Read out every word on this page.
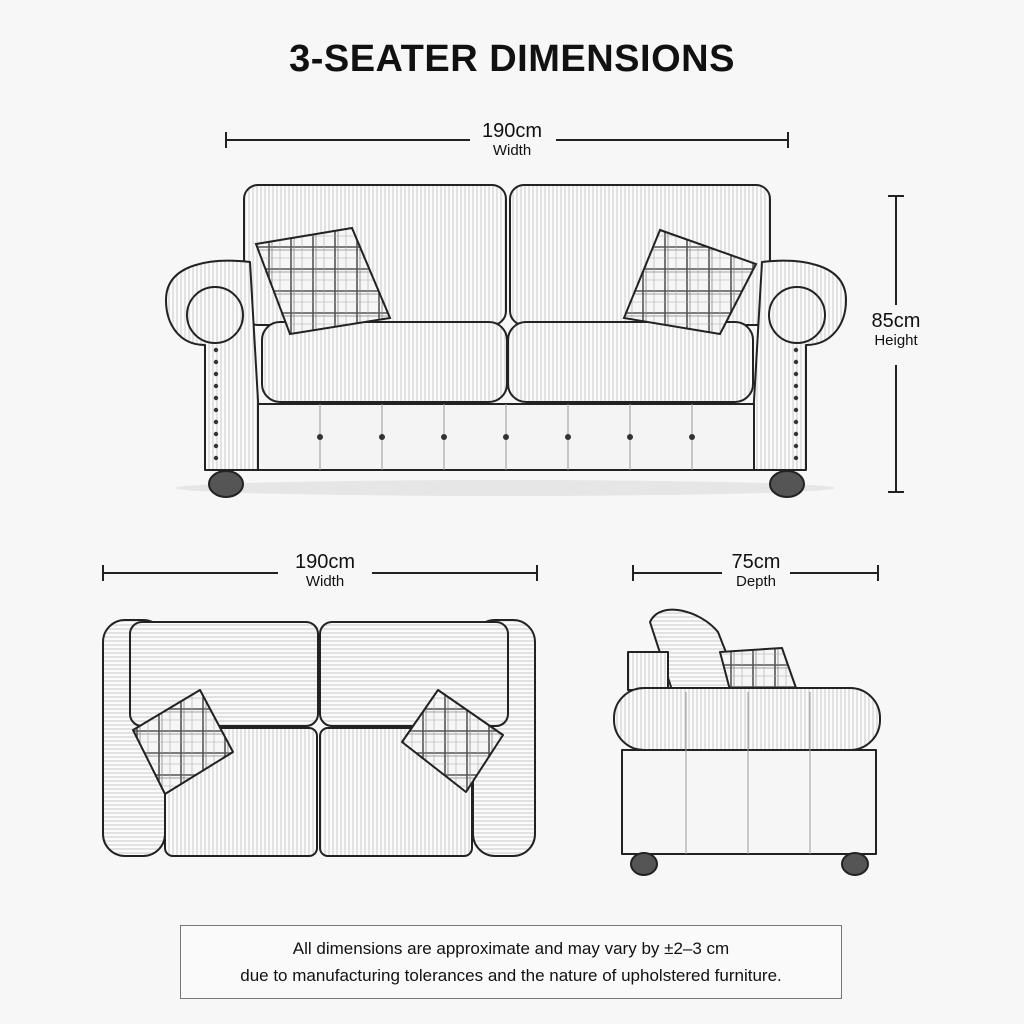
3-SEATER DIMENSIONS
190cm
Width
85cm
Height
190cm
Width
75cm
Depth
All dimensions are approximate and may vary by ±2–3 cm
due to manufacturing tolerances and the nature of upholstered furniture.
